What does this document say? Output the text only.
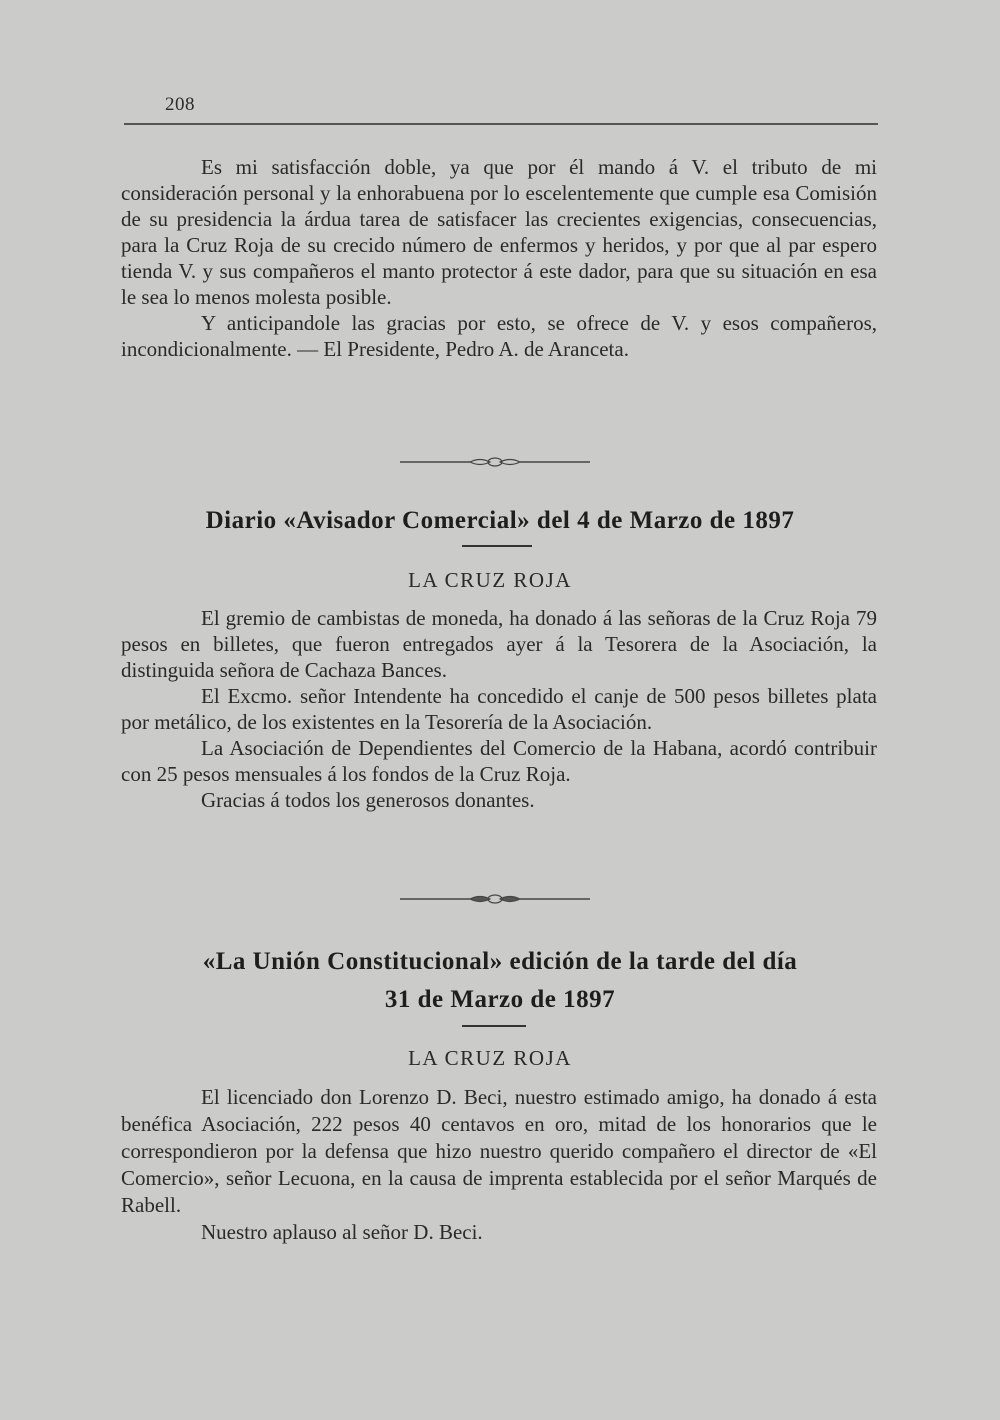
208

Es mi satisfacción doble, ya que por él mando á V. el tributo de mi consideración personal y la enhorabuena por lo escelentemente que cumple esa Comisión de su presidencia la árdua tarea de satisfacer las crecientes exigencias, consecuencias, para la Cruz Roja de su crecido número de enfermos y heridos, y por que al par espero tienda V. y sus compañeros el manto protector á este dador, para que su situación en esa le sea lo menos molesta posible.

Y anticipandole las gracias por esto, se ofrece de V. y esos compañeros, incondicionalmente. — El Presidente, Pedro A. de Aranceta.

Diario «Avisador Comercial» del 4 de Marzo de 1897
LA CRUZ ROJA

El gremio de cambistas de moneda, ha donado á las señoras de la Cruz Roja 79 pesos en billetes, que fueron entregados ayer á la Tesorera de la Asociación, la distinguida señora de Cachaza Bances.

El Excmo. señor Intendente ha concedido el canje de 500 pesos billetes plata por metálico, de los existentes en la Tesorería de la Asociación.

La Asociación de Dependientes del Comercio de la Habana, acordó contribuir con 25 pesos mensuales á los fondos de la Cruz Roja.

Gracias á todos los generosos donantes.

«La Unión Constitucional» edición de la tarde del día
31 de Marzo de 1897
LA CRUZ ROJA

El licenciado don Lorenzo D. Beci, nuestro estimado amigo, ha donado á esta benéfica Asociación, 222 pesos 40 centavos en oro, mitad de los honorarios que le correspondieron por la defensa que hizo nuestro querido compañero el director de «El Comercio», señor Lecuona, en la causa de imprenta establecida por el señor Marqués de Rabell.

Nuestro aplauso al señor D. Beci.
